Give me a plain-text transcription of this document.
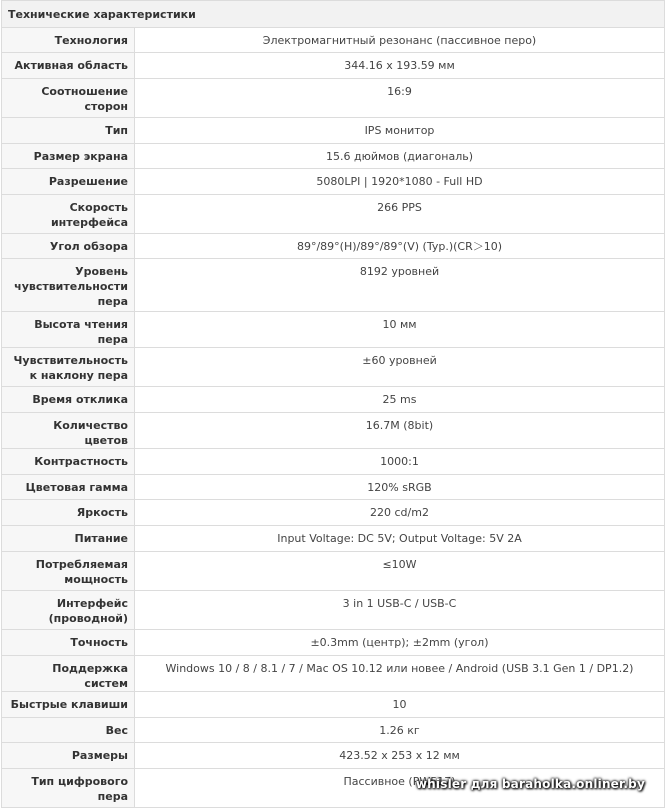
Технические характеристики
Технология	Электромагнитный резонанс (пассивное перо)
Активная область	344.16 x 193.59 мм
Соотношение сторон	16:9
Тип	IPS монитор
Размер экрана	15.6 дюймов (диагональ)
Разрешение	5080LPI | 1920*1080 - Full HD
Скорость интерфейса	266 PPS
Угол обзора	89°/89°(H)/89°/89°(V) (Typ.)(CR＞10)
Уровень чувствительности пера	8192 уровней
Высота чтения пера	10 мм
Чувствительность к наклону пера	±60 уровней
Время отклика	25 ms
Количество цветов	16.7M (8bit)
Контрастность	1000:1
Цветовая гамма	120% sRGB
Яркость	220 cd/m2
Питание	Input Voltage: DC 5V; Output Voltage: 5V 2A
Потребляемая мощность	≤10W
Интерфейс (проводной)	3 in 1 USB-C / USB-C
Точность	±0.3mm (центр); ±2mm (угол)
Поддержка систем	Windows 10 / 8 / 8.1 / 7 / Mac OS 10.12 или новее / Android (USB 3.1 Gen 1 / DP1.2)
Быстрые клавиши	10
Вес	1.26 кг
Размеры	423.52 x 253 x 12 мм
Тип цифрового пера	Пассивное (PW517)
whisler для baraholka.onliner.by
